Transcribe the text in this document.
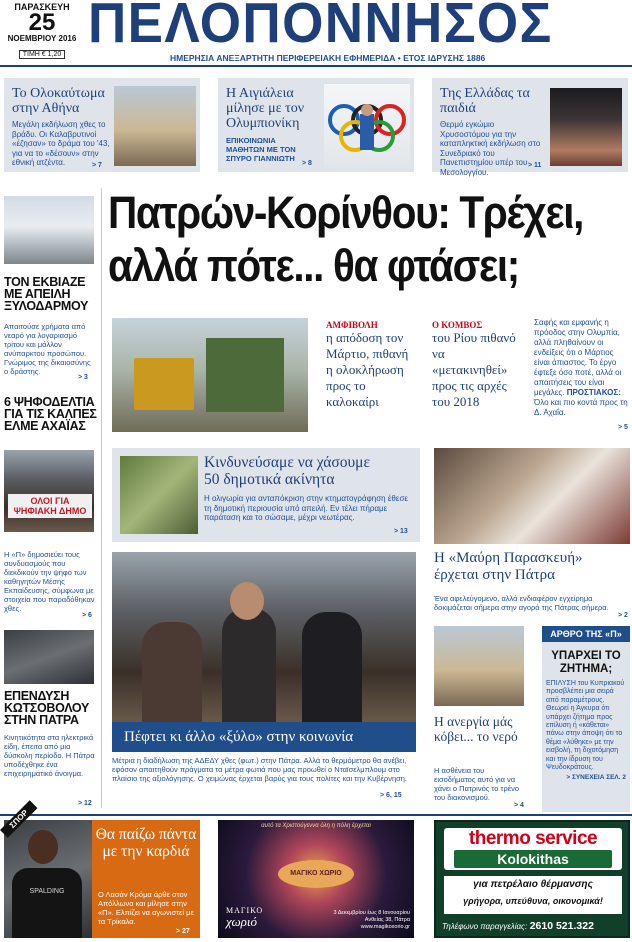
ΠΑΡΑΣΚΕΥΗ
25
ΝΟΕΜΒΡΙΟΥ 2016
ΤΙΜΗ € 1,20 ΠΕΛΟΠΟΝΝΗΣΟΣ
ΗΜΕΡΗΣΙΑ ΑΝΕΞΑΡΤΗΤΗ ΠΕΡΙΦΕΡΕΙΑΚΗ ΕΦΗΜΕΡΙΔΑ • ΕΤΟΣ ΙΔΡΥΣΗΣ 1886
Το Ολοκαύτωμα στην Αθήνα
Μεγάλη εκδήλωση χθες το βράδυ. Οι Καλαβρυτινοί «έζησαν» το δράμα του '43, για να το «δέσουν» στην εθνική ατζέντα.	> 7
Η Αιγιάλεια μίλησε με τον Ολυμπιονίκη
ΕΠΙΚΟΙΝΩΝΙΑ ΜΑΘΗΤΩΝ ΜΕ ΤΟΝ ΣΠΥΡΟ ΓΙΑΝΝΙΩΤΗ
> 8
Της Ελλάδας τα παιδιά
Θερμό εγκώμιο Χρυσοστόμου για την καταπληκτική εκδήλωση στο Συνεδριακό του Πανεπιστημίου υπέρ του Μεσολογγίου.
> 11
ΤΟΝ ΕΚΒΙΑΖΕ ΜΕ ΑΠΕΙΛΗ ΞΥΛΟΔΑΡΜΟΥ
Απαιτούσε χρήματα από νεαρό για λογαριασμό τρίτου και μάλλον ανύπαρκτου προσώπου. Γνώριμος της δικαιοσύνης ο δράστης.
> 3
6 ΨΗΦΟΔΕΛΤΙΑ ΓΙΑ ΤΙΣ ΚΑΛΠΕΣ ΕΛΜΕ ΑΧΑΪΑΣ
ΟΛΟΙ ΓΙΑ ΨΗΦΙΑΚΗ ΔΗΜΟ
Η «Π» δημοσιεύει τους συνδυασμούς που διεκδικούν την ψήφο των καθηγητών Μέσης Εκπαίδευσης, σύμφωνα με στοιχεία που παραδόθηκαν χθες.
> 6
ΕΠΕΝΔΥΣΗ ΚΩΤΣΟΒΟΛΟΥ ΣΤΗΝ ΠΑΤΡΑ
Κινητικότητα στα ηλεκτρικά είδη, έπειτα από μια δύσκολη περίοδο. Η Πάτρα υποδέχθηκε ένα επιχειρηματικό άνοιγμα.
> 12
Πατρών-Κορίνθου: Τρέχει,
αλλά πότε... θα φτάσει;
ΑΜΦΙΒΟΛΗ
η απόδοση τον Μάρτιο, πιθανή η ολοκλήρωση προς το καλοκαίρι
Ο ΚΟΜΒΟΣ
του Ρίου πιθανό να «μετακινηθεί» προς τις αρχές του 2018
Σαφής και εμφανής η πρόοδος στην Ολυμπία, αλλά πληθαίνουν οι ενδείξεις ότι ο Μάρτιος είναι άπιαστος. Το έργο έφτεξε όσο ποτέ, αλλά οι απαιτήσεις του είναι μεγάλες. ΠΡΟΣΤΙΑΚΟΣ: Όλο και πιο κοντά προς τη Δ. Αχαΐα.
> 5
Κινδυνεύσαμε να χάσουμε
50 δημοτικά ακίνητα
Η ολιγωρία για ανταπόκριση στην κτηματογράφηση έθεσε τη δημοτική περιουσία υπό απειλή. Εν τέλει πήραμε παράταση και το σώσαμε, μέχρι νεωτέρας.
> 13
Πέφτει κι άλλο «ξύλο» στην κοινωνία
Μέτρια η διαδήλωση της ΑΔΕΔΥ χθες (φωτ.) στην Πάτρα. Αλλά το θερμόμετρο θα ανέβει, εφόσον απαιτηθούν πράγματα τα μέτρα φωτιά που μας προωθεί ο Νταϊσελμπλουμ στο πλαίσιο της αξιολόγησης. Ο χειμώνας έρχεται βαρύς για τους πολίτες και την Κυβέρνηση.
> 6, 15
Η «Μαύρη Παρασκευή»
έρχεται στην Πάτρα
Ένα αφελεύγομενο, αλλά ενδιαφέρον εγχείρημα δοκιμάζεται σήμερα στην αγορά της Πάτρας σήμερα.
> 2
Η ανεργία μάς κόβει... το νερό
Η ασθένεια του εισοδήματος αυτό για να χάνει ο Πατρινός το τρένο του διακονισμού.
> 4
ΑΡΘΡΟ ΤΗΣ «Π»
ΥΠΑΡΧΕΙ ΤΟ ΖΗΤΗΜΑ;
ΕΠΙΛΥΣΗ του Κυπριακού προσβλέπει μια σειρά από παραμέτρους. Θεωρεί η Άγκυρα ότι υπάρχει ζήτημα προς επίλυση ή «κάθεται» πάνω στην άποψη ότι το θέμα «λύθηκε» με την εισβολή, τη διχοτόμηση και την ίδρυση του Ψευδοκράτους.
> ΣΥΝΕΧΕΙΑ ΣΕΛ. 2
SPALDING
ΣΠΟΡ
Θα παίζω πάντα με την καρδιά
Ο Λασάν Κρόμα άρθε στον Απόλλωνα και μίλησε στην «Π». Ελπίζει να αγωνιστεί με τα Τρίκαλα.
> 27
αυτό τα Χριστούγεννα όλη η πόλη έρχεται
ΜΑΓΙΚΟ ΧΩΡΙΟ
ΜΑΓΙΚΟ
χωριό
3 Δεκεμβρίου έως 8 Ιανουαρίου
Ανθείας 38, Πάτρα
www.magikoxorio.gr
thermo service
Kolokithas
για πετρέλαιο θέρμανσης
γρήγορα, υπεύθυνα, οικονομικά!
Τηλέφωνο παραγγελίας: 2610 521.322
